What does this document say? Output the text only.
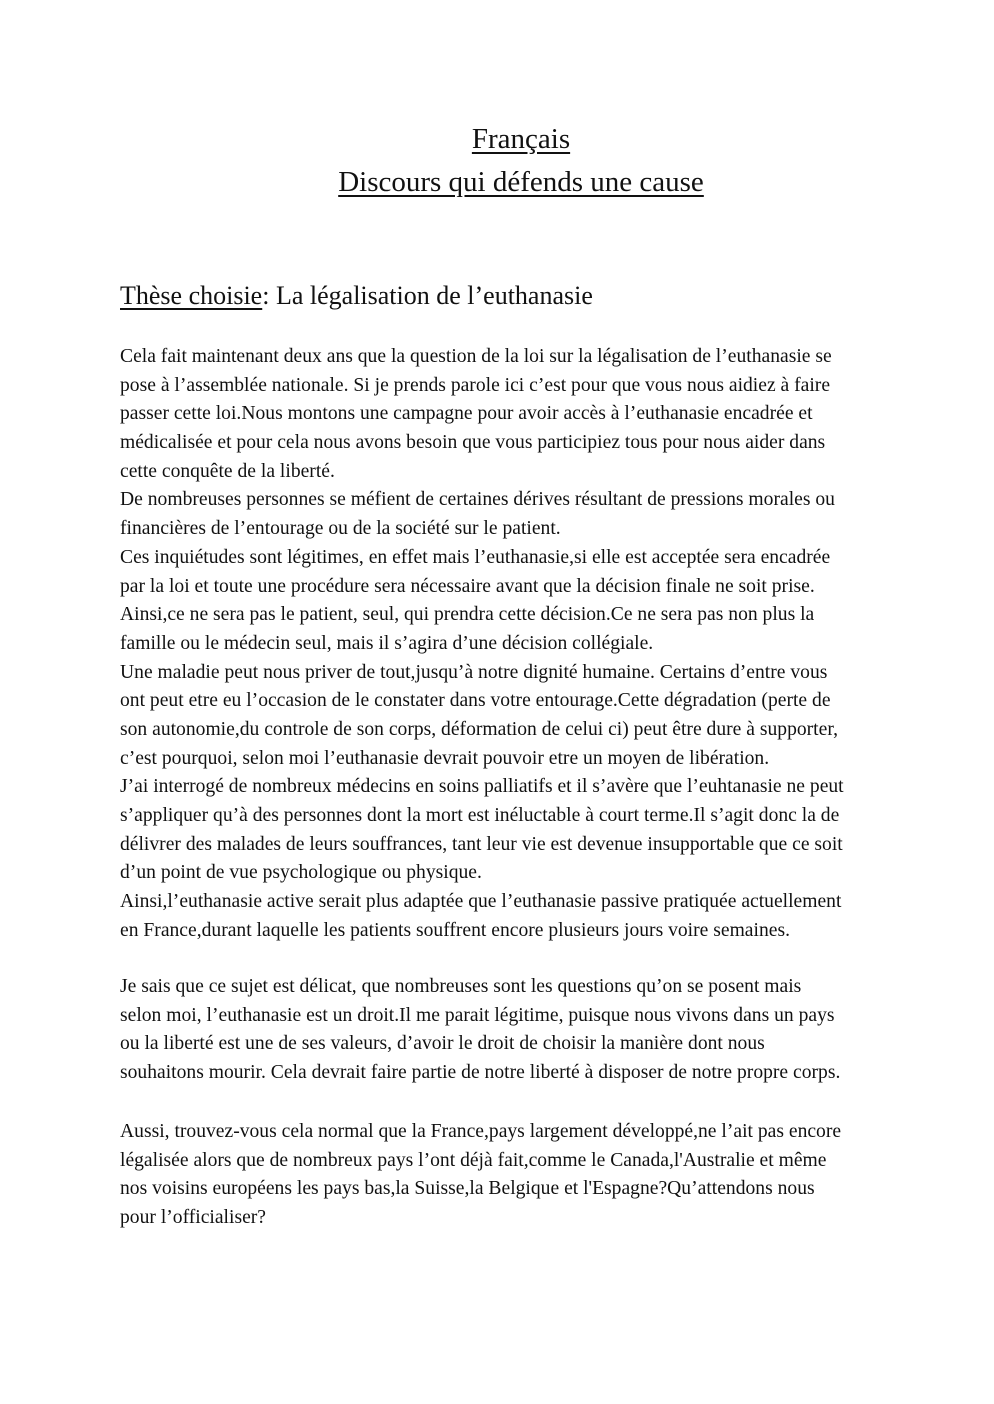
Français
Discours qui défends une cause
Thèse choisie: La légalisation de l’euthanasie
Cela fait maintenant deux ans que la question de la loi sur la légalisation de l’euthanasie se
pose à l’assemblée nationale. Si je prends parole ici c’est pour que vous nous aidiez à faire
passer cette loi.Nous montons une campagne pour avoir accès à l’euthanasie encadrée et
médicalisée et pour cela nous avons besoin que vous participiez tous pour nous aider dans
cette conquête de la liberté.
De nombreuses personnes se méfient de certaines dérives résultant de pressions morales ou
financières de l’entourage ou de la société sur le patient.
Ces inquiétudes sont légitimes, en effet mais l’euthanasie,si elle est acceptée sera encadrée
par la loi et toute une procédure sera nécessaire avant que la décision finale ne soit prise.
Ainsi,ce ne sera pas le patient, seul, qui prendra cette décision.Ce ne sera pas non plus la
famille ou le médecin seul, mais il s’agira d’une décision collégiale.
Une maladie peut nous priver de tout,jusqu’à notre dignité humaine. Certains d’entre vous
ont peut etre eu l’occasion de le constater dans votre entourage.Cette dégradation (perte de
son autonomie,du controle de son corps, déformation de celui ci) peut être dure à supporter,
c’est pourquoi, selon moi l’euthanasie devrait pouvoir etre un moyen de libération.
J’ai interrogé de nombreux médecins en soins palliatifs et il s’avère que l’euhtanasie ne peut
s’appliquer qu’à des personnes dont la mort est inéluctable à court terme.Il s’agit donc la de
délivrer des malades de leurs souffrances, tant leur vie est devenue insupportable que ce soit
d’un point de vue psychologique ou physique.
Ainsi,l’euthanasie active serait plus adaptée que l’euthanasie passive pratiquée actuellement
en France,durant laquelle les patients souffrent encore plusieurs jours voire semaines.
Je sais que ce sujet est délicat, que nombreuses sont les questions qu’on se posent mais
selon moi, l’euthanasie est un droit.Il me parait légitime, puisque nous vivons dans un pays
ou la liberté est une de ses valeurs, d’avoir le droit de choisir la manière dont nous
souhaitons mourir. Cela devrait faire partie de notre liberté à disposer de notre propre corps.
Aussi, trouvez-vous cela normal que la France,pays largement développé,ne l’ait pas encore
légalisée alors que de nombreux pays l’ont déjà fait,comme le Canada,l'Australie et même
nos voisins européens les pays bas,la Suisse,la Belgique et l'Espagne?Qu’attendons nous
pour l’officialiser?
